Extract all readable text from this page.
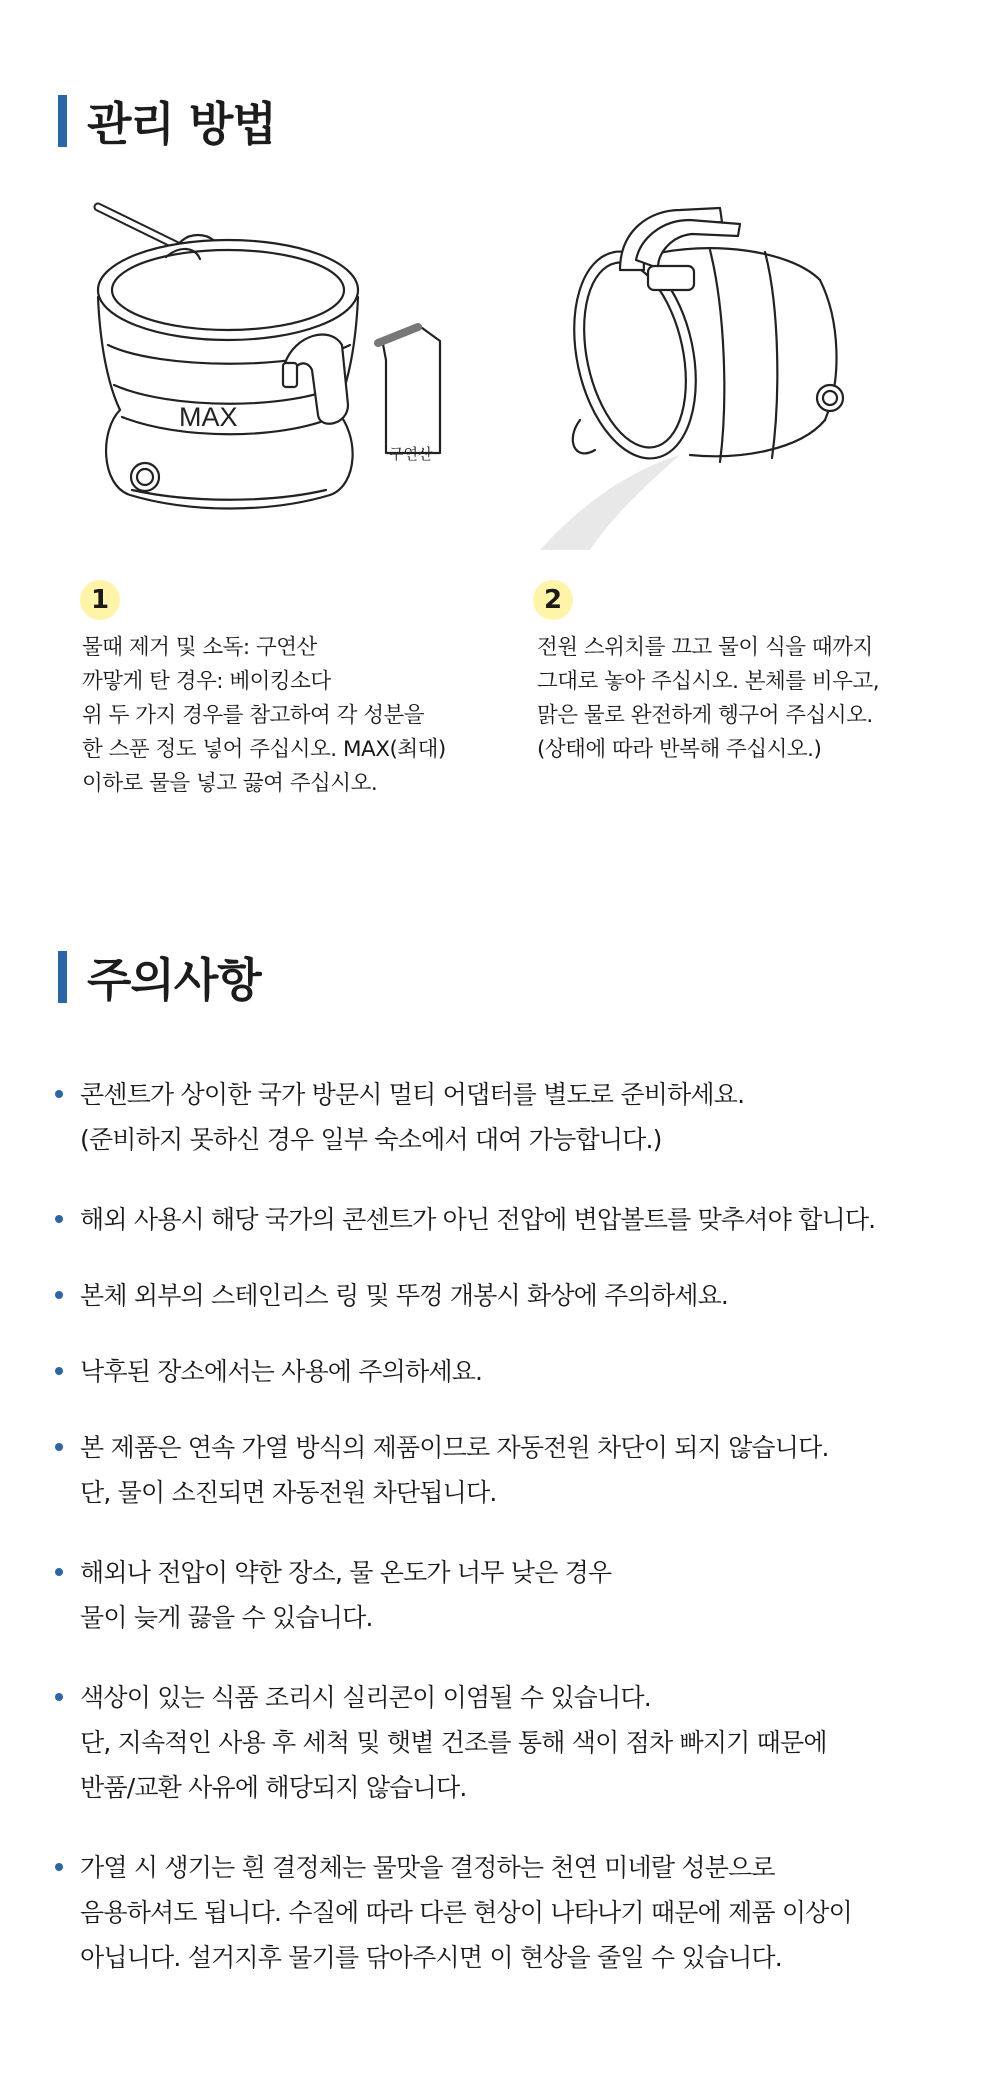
관리 방법
MAX
구연산
1
물때 제거 및 소독: 구연산
까맣게 탄 경우: 베이킹소다
위 두 가지 경우를 참고하여 각 성분을
한 스푼 정도 넣어 주십시오. MAX(최대)
이하로 물을 넣고 끓여 주십시오.
2
전원 스위치를 끄고 물이 식을 때까지
그대로 놓아 주십시오. 본체를 비우고,
맑은 물로 완전하게 헹구어 주십시오.
(상태에 따라 반복해 주십시오.)
주의사항
콘센트가 상이한 국가 방문시 멀티 어댑터를 별도로 준비하세요.
(준비하지 못하신 경우 일부 숙소에서 대여 가능합니다.)
해외 사용시 해당 국가의 콘센트가 아닌 전압에 변압볼트를 맞추셔야 합니다.
본체 외부의 스테인리스 링 및 뚜껑 개봉시 화상에 주의하세요.
낙후된 장소에서는 사용에 주의하세요.
본 제품은 연속 가열 방식의 제품이므로 자동전원 차단이 되지 않습니다.
단, 물이 소진되면 자동전원 차단됩니다.
해외나 전압이 약한 장소, 물 온도가 너무 낮은 경우
물이 늦게 끓을 수 있습니다.
색상이 있는 식품 조리시 실리콘이 이염될 수 있습니다.
단, 지속적인 사용 후 세척 및 햇볕 건조를 통해 색이 점차 빠지기 때문에
반품/교환 사유에 해당되지 않습니다.
가열 시 생기는 흰 결정체는 물맛을 결정하는 천연 미네랄 성분으로
음용하셔도 됩니다. 수질에 따라 다른 현상이 나타나기 때문에 제품 이상이
아닙니다. 설거지후 물기를 닦아주시면 이 현상을 줄일 수 있습니다.
